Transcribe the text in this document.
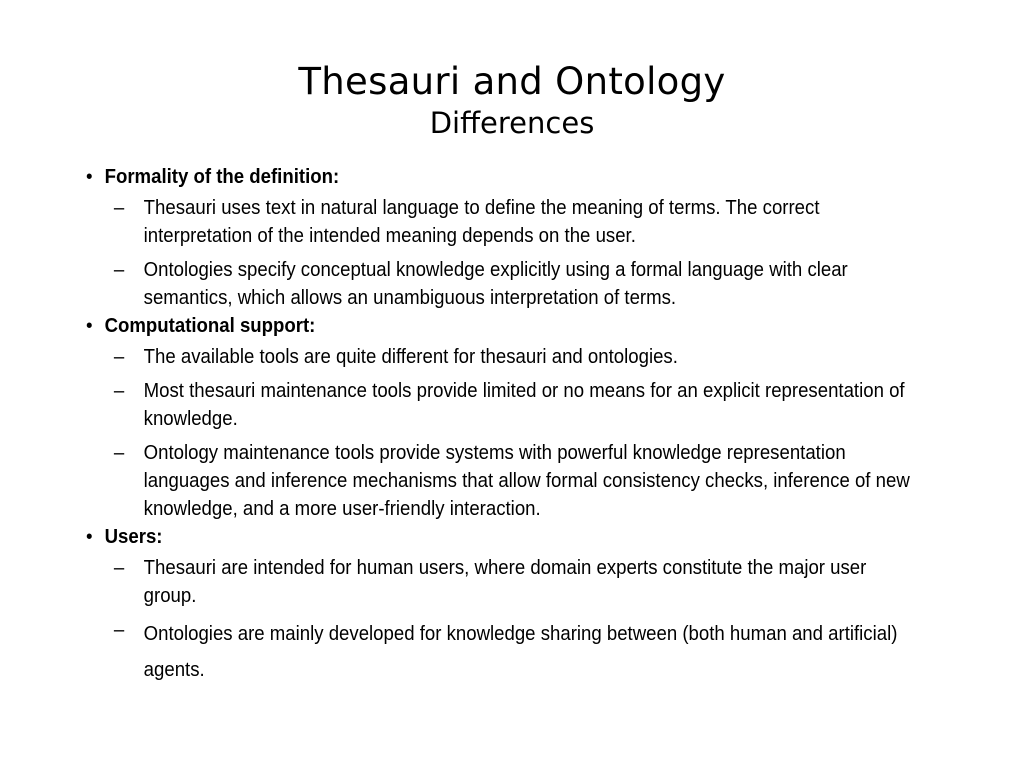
Thesauri and Ontology
Differences
• Formality of the definition:
– Thesauri uses text in natural language to define the meaning of terms. The correct interpretation of the intended meaning depends on the user.
– Ontologies specify conceptual knowledge explicitly using a formal language with clear semantics, which allows an unambiguous interpretation of terms.
• Computational support:
– The available tools are quite different for thesauri and ontologies.
– Most thesauri maintenance tools provide limited or no means for an explicit representation of knowledge.
– Ontology maintenance tools provide systems with powerful knowledge representation languages and inference mechanisms that allow formal consistency checks, inference of new knowledge, and a more user-friendly interaction.
• Users:
– Thesauri are intended for human users, where domain experts constitute the major user group.
– Ontologies are mainly developed for knowledge sharing between (both human and artificial) agents.
